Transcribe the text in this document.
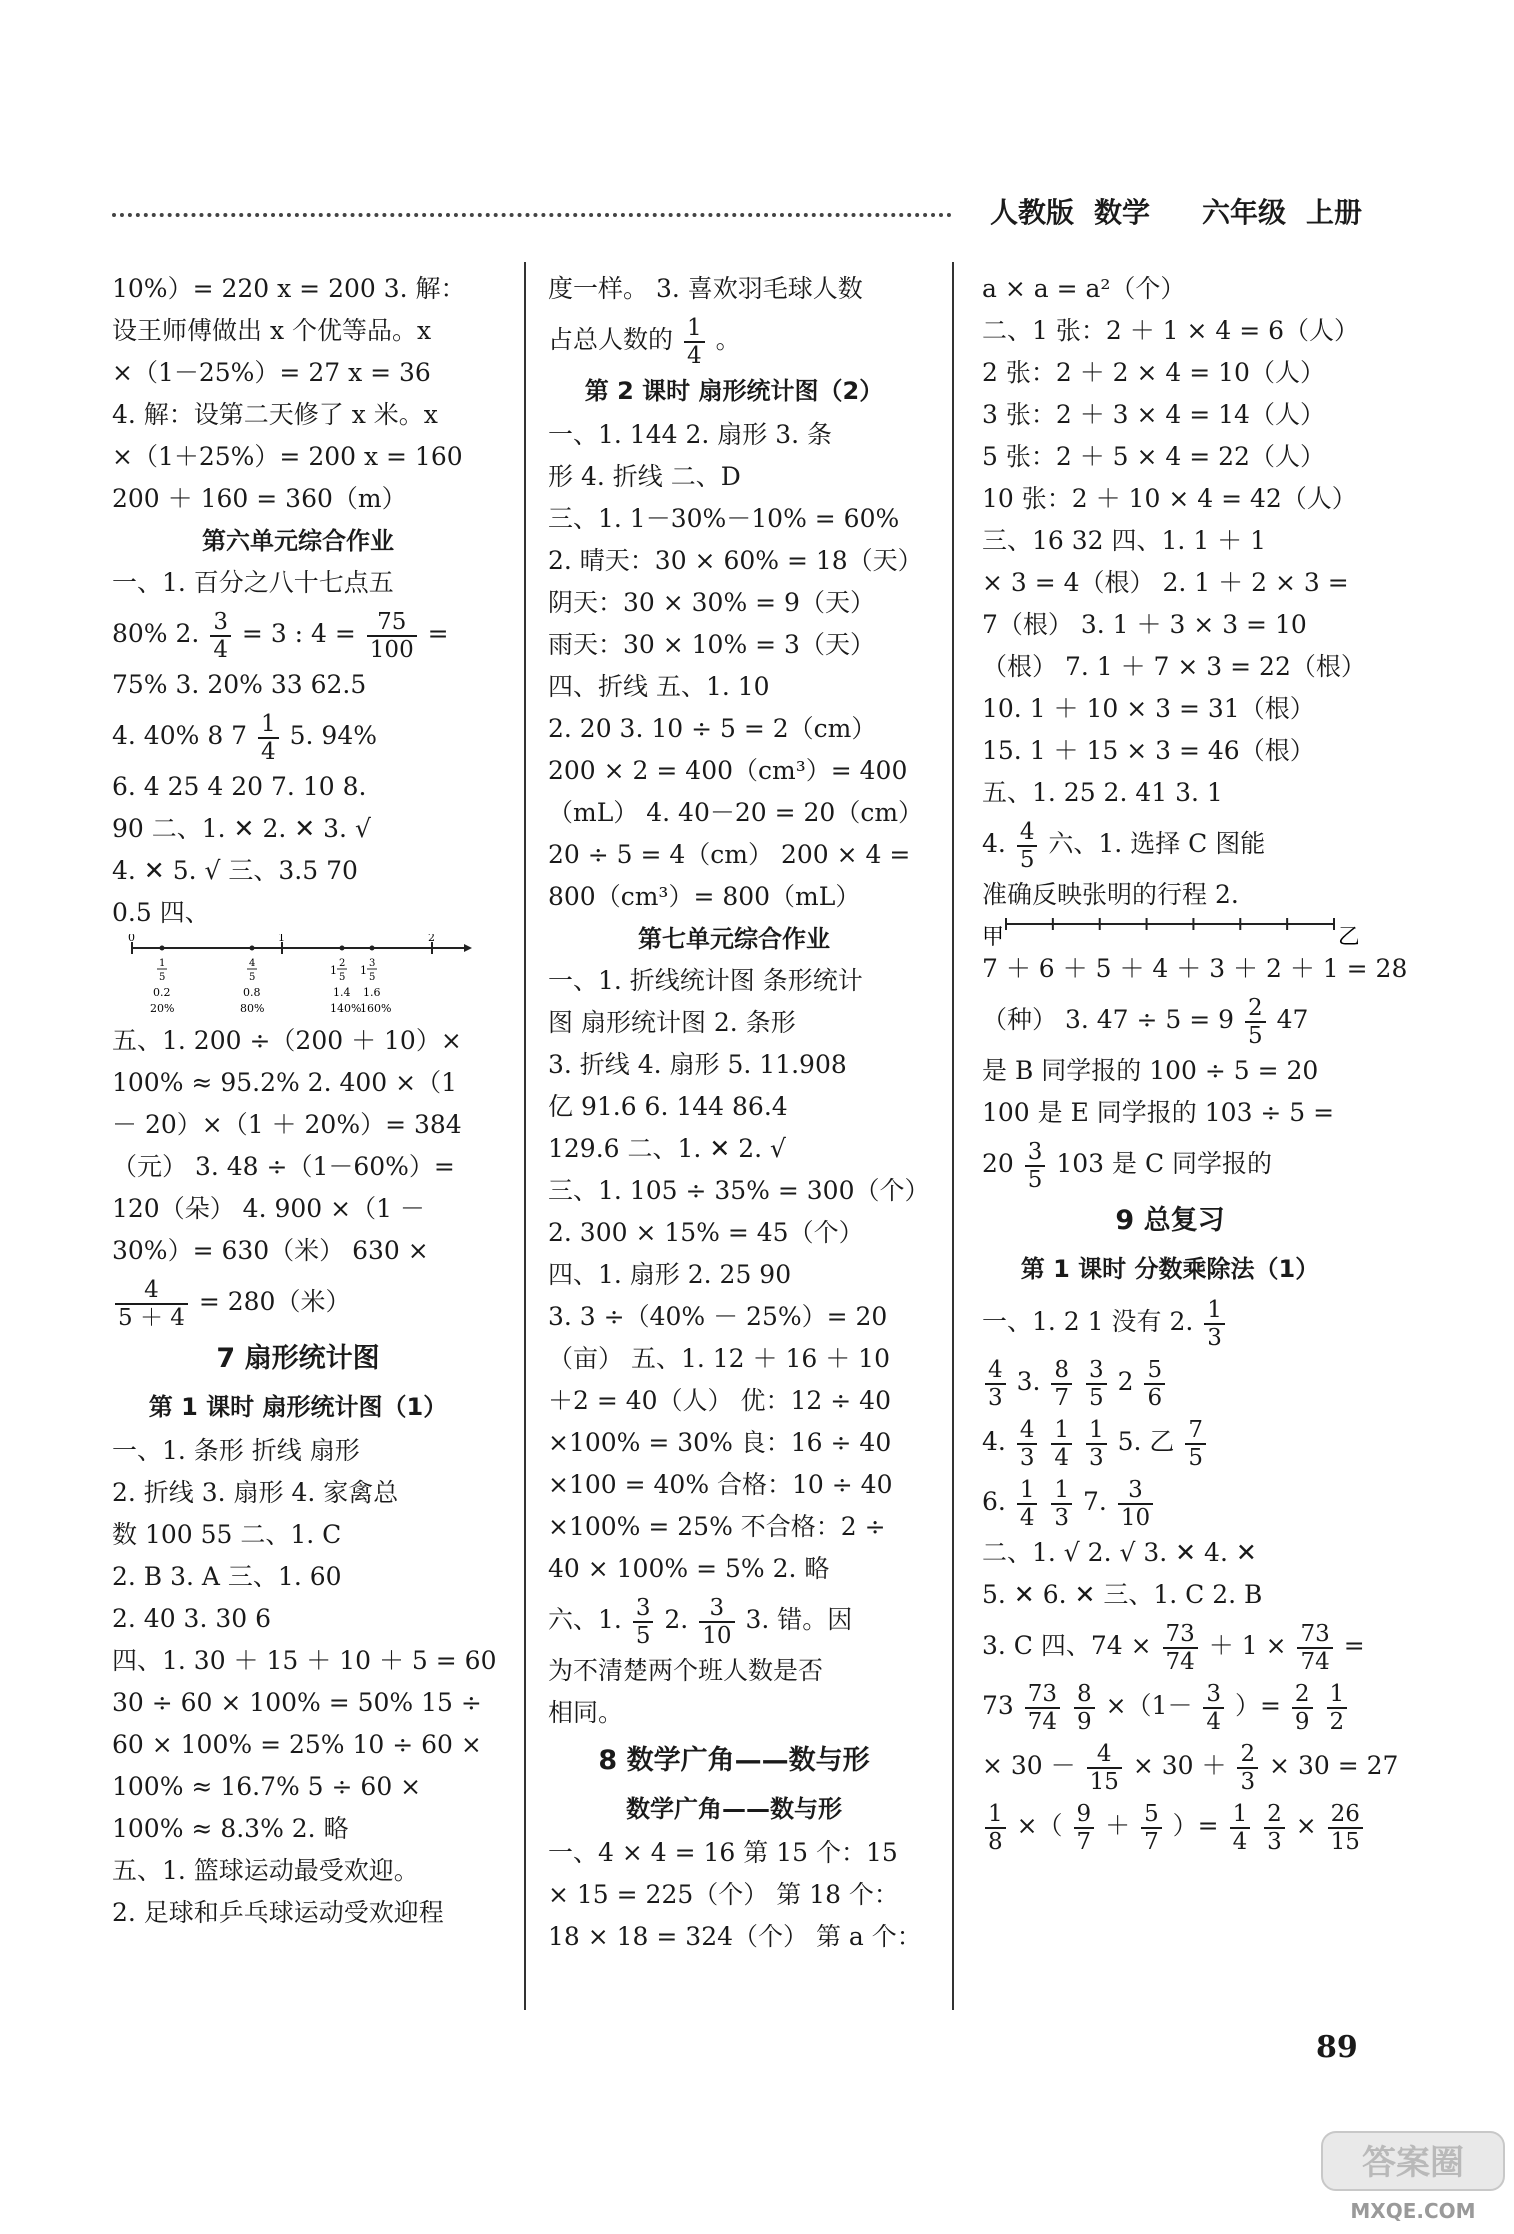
人教版 数学 六年级 上册
10%）= 220 x = 200 3. 解：
设王师傅做出 x 个优等品。x
×（1－25%）= 27 x = 36
4. 解：设第二天修了 x 米。x
×（1＋25%）= 200 x = 160
200 ＋ 160 = 360（m）
第六单元综合作业
一、1. 百分之八十七点五
80% 2. $\frac{3}{4} = 3$ : $4 = \frac{75}{100}$ =
75% 3. 20% 33 62.5
4. 40% 8 $7 \frac{1}{4} 5$. 94%
6. 4 25 4 20 7. 10 8.
90 二、1. ✕ 2. ✕ 3. √
4. ✕ 5. √ 三、3.5 70
0.5 四、
0	1	2
1
5
0.2
20%
4
5
0.8
80%
1
2
5
1.4
140%
1
3
5
1.6
160%
五、1. 200 ÷（200 ＋ 10）×
100% ≈ 95.2% 2. 400 ×（1
－ 20）×（1 ＋ 20%）= 384
（元） 3. 48 ÷（1－60%）=
120（朵） 4. 900 ×（1 －
30%）= 630（米） 630 ×
$\frac{4}{5 + 4} = 280$（米）
7 扇形统计图
第 1 课时 扇形统计图（1）
一、1. 条形 折线 扇形
2. 折线 3. 扇形 4. 家禽总
数 100 55 二、1. C
2. B 3. A 三、1. 60
2. 40 3. 30 6
四、1. 30 ＋ 15 ＋ 10 ＋ 5 = 60
30 ÷ 60 × 100% = 50% 15 ÷
60 × 100% = 25% 10 ÷ 60 ×
100% ≈ 16.7% 5 ÷ 60 ×
100% ≈ 8.3% 2. 略
五、1. 篮球运动最受欢迎。
2. 足球和乒乓球运动受欢迎程
度一样。 3. 喜欢羽毛球人数
占总人数的 $\frac{1}{4}$ 。
第 2 课时 扇形统计图（2）
一、1. 144 2. 扇形 3. 条
形 4. 折线 二、D
三、1. 1－30%－10% = 60%
2. 晴天：30 × 60% = 18（天）
阴天：30 × 30% = 9（天）
雨天：30 × 10% = 3（天）
四、折线 五、1. 10
2. 20 3. 10 ÷ 5 = 2（cm）
200 × 2 = 400（cm³）= 400
（mL） 4. 40－20 = 20（cm）
20 ÷ 5 = 4（cm） 200 × 4 =
800（cm³）= 800（mL）
第七单元综合作业
一、1. 折线统计图 条形统计
图 扇形统计图 2. 条形
3. 折线 4. 扇形 5. 11.908
亿 91.6 6. 144 86.4
129.6 二、1. ✕ 2. √
三、1. 105 ÷ 35% = 300（个）
2. 300 × 15% = 45（个）
四、1. 扇形 2. 25 90
3. 3 ÷（40% － 25%）= 20
（亩） 五、1. 12 ＋ 16 ＋ 10
＋2 = 40（人） 优：12 ÷ 40
×100% = 30% 良：16 ÷ 40
×100 = 40% 合格：10 ÷ 40
×100% = 25% 不合格：2 ÷
40 × 100% = 5% 2. 略
六、1. $\frac{3}{5} 2$. $\frac{3}{10} 3$. 错。因
为不清楚两个班人数是否
相同。
8 数学广角——数与形
数学广角——数与形
一、4 × 4 = 16 第 15 个：15
× 15 = 225（个） 第 18 个：
18 × 18 = 324（个） 第 a 个：
a × a = a²（个）
二、1 张：2 ＋ 1 × 4 = 6（人）
2 张：2 ＋ 2 × 4 = 10（人）
3 张：2 ＋ 3 × 4 = 14（人）
5 张：2 ＋ 5 × 4 = 22（人）
10 张：2 ＋ 10 × 4 = 42（人）
三、16 32 四、1. 1 ＋ 1
× 3 = 4（根） 2. 1 ＋ 2 × 3 =
7（根） 3. 1 ＋ 3 × 3 = 10
（根） 7. 1 ＋ 7 × 3 = 22（根）
10. 1 ＋ 10 × 3 = 31（根）
15. 1 ＋ 15 × 3 = 46（根）
五、1. 25 2. 41 3. 1
4. $\frac{4}{5}$ 六、1. 选择 C 图能
准确反映张明的行程 2.
甲	乙
7 ＋ 6 ＋ 5 ＋ 4 ＋ 3 ＋ 2 ＋ 1 = 28
（种） 3. $47 \div 5 = 9 \frac{2}{5} 47$
是 B 同学报的 100 ÷ 5 = 20
100 是 E 同学报的 103 ÷ 5 =
$20 \frac{3}{5} 103$ 是 C 同学报的
9 总复习
第 1 课时 分数乘除法（1）
一、1. 2 1 没有 2. $\frac{1}{3}$
$\frac{4}{3} 3$. $\frac{8}{7}$
$\frac{3}{5} 2 \frac{5}{6}$
4. $\frac{4}{3}$
$\frac{1}{4}$
$\frac{1}{3} 5$. 乙 $\frac{7}{5}$
6. $\frac{1}{4}$
$\frac{1}{3} 7$. $\frac{3}{10}$
二、1. √ 2. √ 3. ✕ 4. ✕
5. ✕ 6. ✕ 三、1. C 2. B
3. C 四、$74 \times \frac{73}{74} + 1 \times \frac{73}{74}$ =
$73 \frac{73}{74}$
$\frac{8}{9} \times(1- \frac{3}{4}$ ）= $\frac{2}{9}$
$\frac{1}{2}$
× $30 - \frac{4}{15} \times 30 + \frac{2}{3} \times 30 = 27$
$\frac{1}{8}$ ×（ $\frac{9}{7} + \frac{5}{7}$ ）= $\frac{1}{4}$
$\frac{2}{3} \times \frac{26}{15}$
89
答案圈
MXQE.COM
